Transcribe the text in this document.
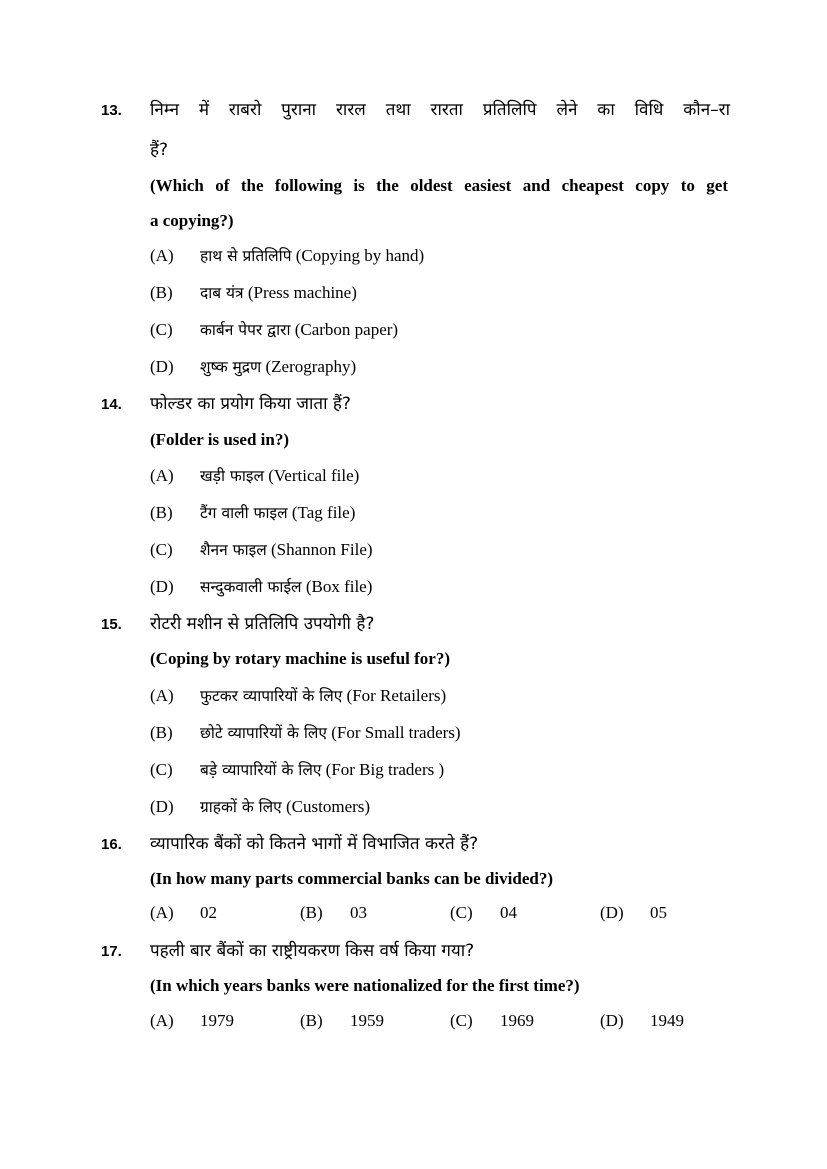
13. निम्न में राबरो पुराना रारल तथा रारता प्रतिलिपि लेने का विधि कौन–रा
हैं?
(Which of the following is the oldest easiest and cheapest copy to get
a copying?)
(A) हाथ से प्रतिलिपि (Copying by hand)
(B) दाब यंत्र (Press machine)
(C) कार्बन पेपर द्वारा (Carbon paper)
(D) शुष्क मुद्रण (Zerography)
14. फोल्डर का प्रयोग किया जाता हैं?
(Folder is used in?)
(A) खड़ी फाइल (Vertical file)
(B) टैंग वाली फाइल (Tag file)
(C) शैनन फाइल (Shannon File)
(D) सन्दुकवाली फाईल (Box file)
15. रोटरी मशीन से प्रतिलिपि उपयोगी है?
(Coping by rotary machine is useful for?)
(A) फुटकर व्यापारियों के लिए (For Retailers)
(B) छोटे व्यापारियों के लिए (For Small traders)
(C) बड़े व्यापारियों के लिए (For Big traders )
(D) ग्राहकों के लिए (Customers)
16. व्यापारिक बैंकों को कितने भागों में विभाजित करते हैं?
(In how many parts commercial banks can be divided?)
(A) 02	(B) 03	(C) 04	(D) 05
17. पहली बार बैंकों का राष्ट्रीयकरण किस वर्ष किया गया?
(In which years banks were nationalized for the first time?)
(A) 1979	(B) 1959	(C) 1969	(D) 1949
